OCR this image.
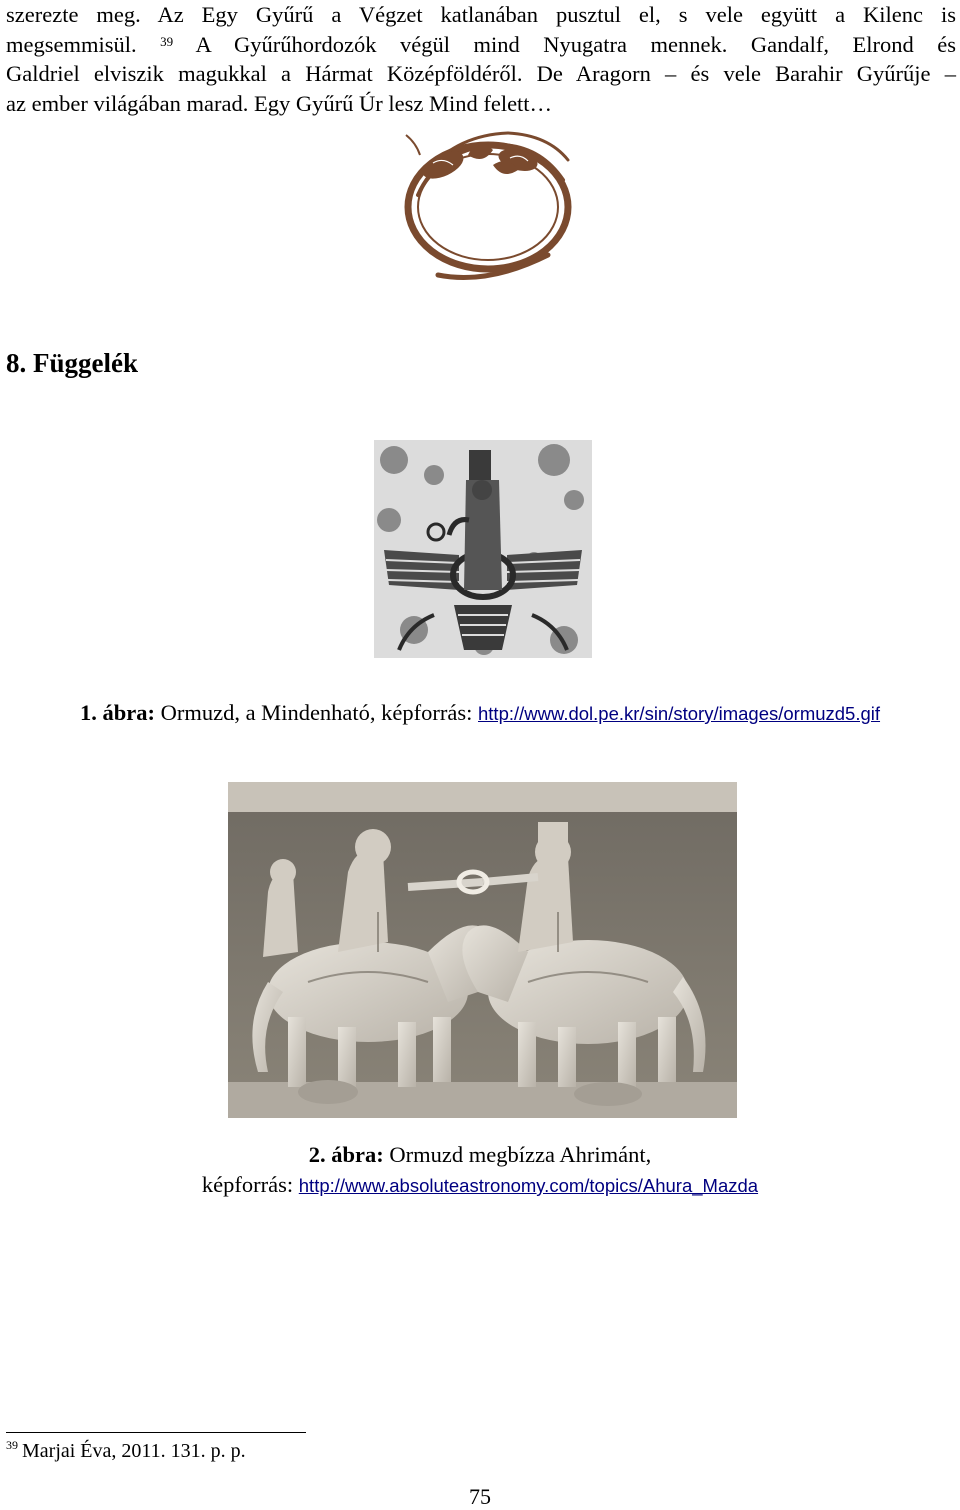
szerezte meg. Az Egy Gyűrű a Végzet katlanában pusztul el, s vele együtt a Kilenc is
megsemmisül. $^{39}$ A Gyűrűhordozók végül mind Nyugatra mennek. Gandalf, Elrond és
Galdriel elviszik magukkal a Hármat Középföldéről. De Aragorn – és vele Barahir Gyűrűje –
az ember világában marad. Egy Gyűrű Úr lesz Mind felett…
8. Függelék
1. ábra: Ormuzd, a Mindenható, képforrás: http://www.dol.pe.kr/sin/story/images/ormuzd5.gif
2. ábra: Ormuzd megbízza Ahrimánt,
képforrás: http://www.absoluteastronomy.com/topics/Ahura_Mazda
$^{39}$ Marjai Éva, 2011. 131. p. p.
75
